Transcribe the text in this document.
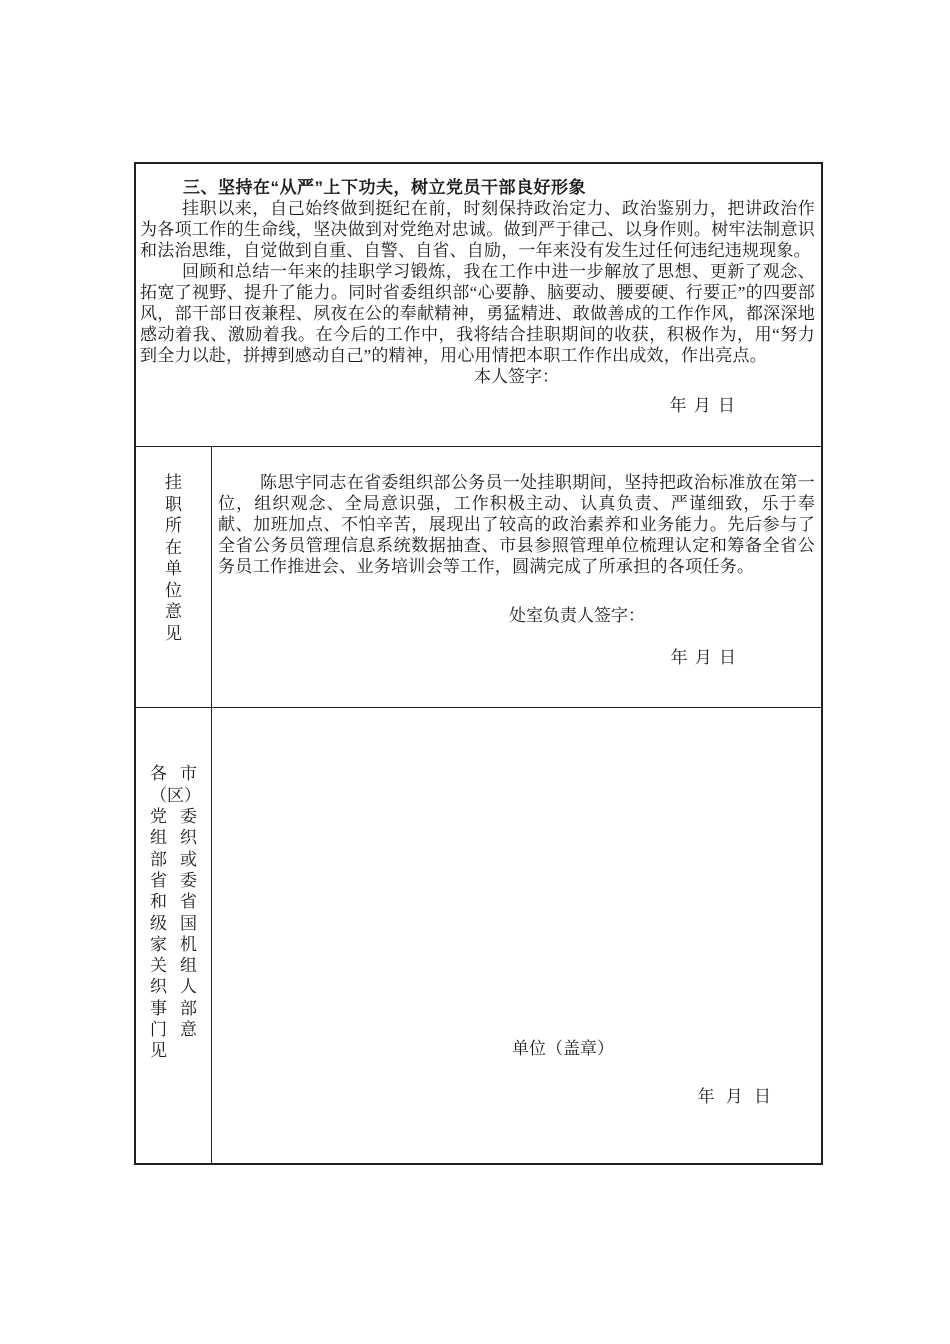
三、坚持在“从严”上下功夫，树立党员干部良好形象

挂职以来，自己始终做到挺纪在前，时刻保持政治定力、政治鉴别力，把讲政治作为各项工作的生命线，坚决做到对党绝对忠诚。做到严于律己、以身作则。树牢法制意识和法治思维，自觉做到自重、自警、自省、自励，一年来没有发生过任何违纪违规现象。

回顾和总结一年来的挂职学习锻炼，我在工作中进一步解放了思想、更新了观念、拓宽了视野、提升了能力。同时省委组织部“心要静、脑要动、腰要硬、行要正”的四要部风，部干部日夜兼程、夙夜在公的奉献精神，勇猛精进、敢做善成的工作作风，都深深地感动着我、激励着我。在今后的工作中，我将结合挂职期间的收获，积极作为，用“努力到全力以赴，拼搏到感动自己”的精神，用心用情把本职工作作出成效，作出亮点。

本人签字：
年 月 日
挂职所在单位意见

陈思宇同志在省委组织部公务员一处挂职期间，坚持把政治标准放在第一位，组织观念、全局意识强，工作积极主动、认真负责、严谨细致，乐于奉献、加班加点、不怕辛苦，展现出了较高的政治素养和业务能力。先后参与了全省公务员管理信息系统数据抽查、市县参照管理单位梳理认定和筹备全省公务员工作推进会、业务培训会等工作，圆满完成了所承担的各项任务。

处室负责人签字：
年 月 日
各市
（区）
党委
组织
部或
省委
和省
级国
家机
关组
织人
事部
门意
见	单位（盖章）
年 月 日
